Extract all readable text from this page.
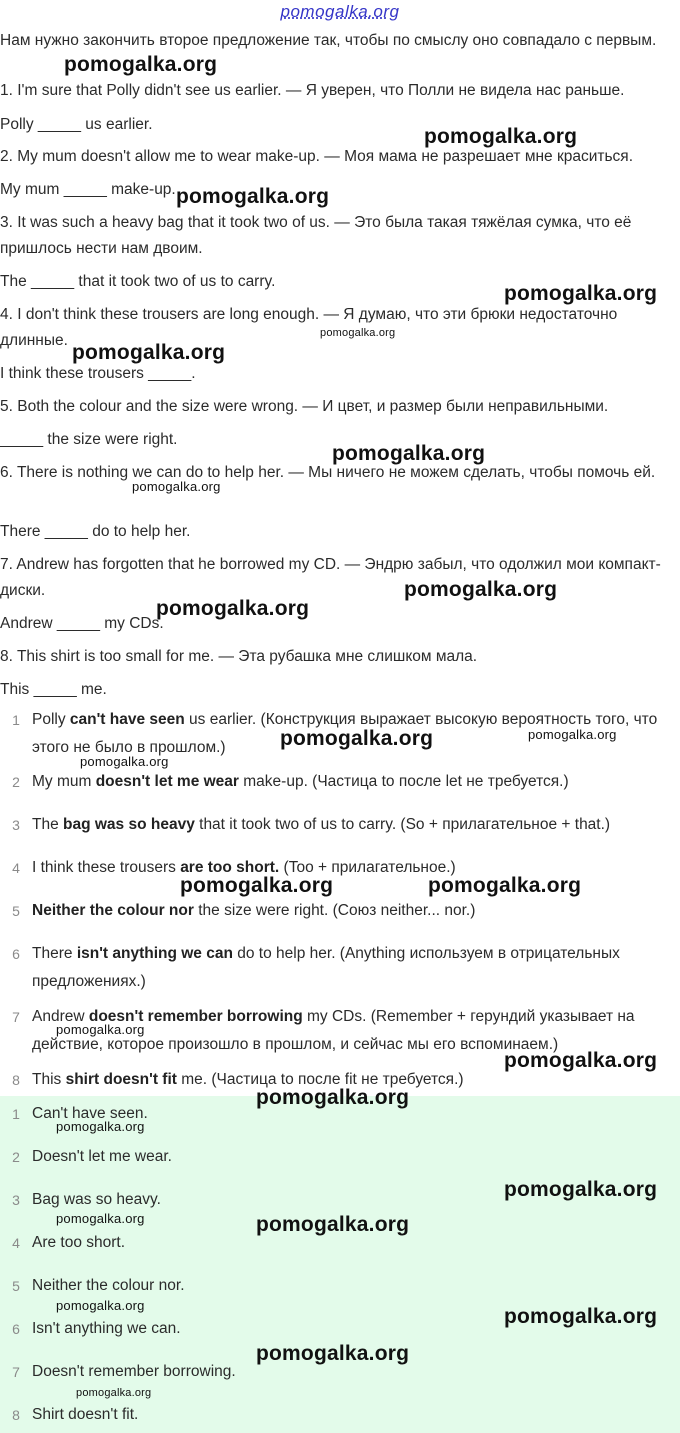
pomogalka.org

Нам нужно закончить второе предложение так, чтобы по смыслу оно совпадало с первым.

1. I'm sure that Polly didn't see us earlier. — Я уверен, что Полли не видела нас раньше.

Polly _____ us earlier.

2. My mum doesn't allow me to wear make-up. — Моя мама не разрешает мне краситься.

My mum _____ make-up.

3. It was such a heavy bag that it took two of us. — Это была такая тяжёлая сумка, что её пришлось нести нам двоим.

The _____ that it took two of us to carry.

4. I don't think these trousers are long enough. — Я думаю, что эти брюки недостаточно длинные.

I think these trousers _____.

5. Both the colour and the size were wrong. — И цвет, и размер были неправильными.

_____ the size were right.

6. There is nothing we can do to help her. — Мы ничего не можем сделать, чтобы помочь ей.

There _____ do to help her.

7. Andrew has forgotten that he borrowed my CD. — Эндрю забыл, что одолжил мои компакт-диски.

Andrew _____ my CDs.

8. This shirt is too small for me. — Эта рубашка мне слишком мала.

This _____ me.

1 Polly can't have seen us earlier. (Конструкция выражает высокую вероятность того, что этого не было в прошлом.)

2 My mum doesn't let me wear make-up. (Частица to после let не требуется.)

3 The bag was so heavy that it took two of us to carry. (So + прилагательное + that.)

4 I think these trousers are too short. (Too + прилагательное.)

5 Neither the colour nor the size were right. (Союз neither... nor.)

6 There isn't anything we can do to help her. (Anything используем в отрицательных предложениях.)

7 Andrew doesn't remember borrowing my CDs. (Remember + герундий указывает на действие, которое произошло в прошлом, и сейчас мы его вспоминаем.)

8 This shirt doesn't fit me. (Частица to после fit не требуется.)

1 Can't have seen.

2 Doesn't let me wear.

3 Bag was so heavy.

4 Are too short.

5 Neither the colour nor.

6 Isn't anything we can.

7 Doesn't remember borrowing.

8 Shirt doesn't fit.

pomogalka.org

pomogalka.org

pomogalka.org

pomogalka.org

pomogalka.org

pomogalka.org

pomogalka.org

pomogalka.org

pomogalka.org

pomogalka.org

pomogalka.org	pomogalka.org

pomogalka.org

pomogalka.org	pomogalka.org

pomogalka.org

pomogalka.org

pomogalka.org

pomogalka.org

pomogalka.org

pomogalka.org	pomogalka.org

pomogalka.org	pomogalka.org

pomogalka.org

pomogalka.org
